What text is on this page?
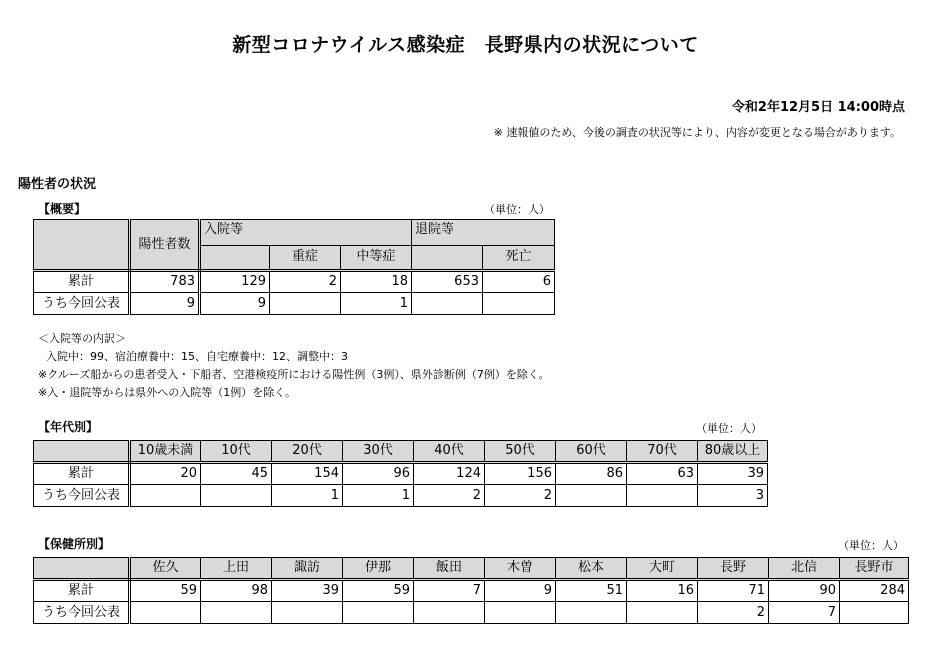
新型コロナウイルス感染症　長野県内の状況について
令和2年12月5日 14:00時点
※ 速報値のため、今後の調査の状況等により、内容が変更となる場合があります。
陽性者の状況
【概要】	（単位：人）
	陽性者数	入院等			退院等	
			重症	中等症		死亡
累計	783	129	2	18	653	6
うち今回公表	9	9		1		
＜入院等の内訳＞
入院中：99、宿泊療養中：15、自宅療養中：12、調整中：3
※クルーズ船からの患者受入・下船者、空港検疫所における陽性例（3例）、県外診断例（7例）を除く。
※入・退院等からは県外への入院等（1例）を除く。
【年代別】	（単位：人）
	10歳未満	10代	20代	30代	40代	50代	60代	70代	80歳以上
累計	20	45	154	96	124	156	86	63	39
うち今回公表			1	1	2	2			3
【保健所別】	（単位：人）
	佐久	上田	諏訪	伊那	飯田	木曽	松本	大町	長野	北信	長野市
累計	59	98	39	59	7	9	51	16	71	90	284
うち今回公表									2	7	
